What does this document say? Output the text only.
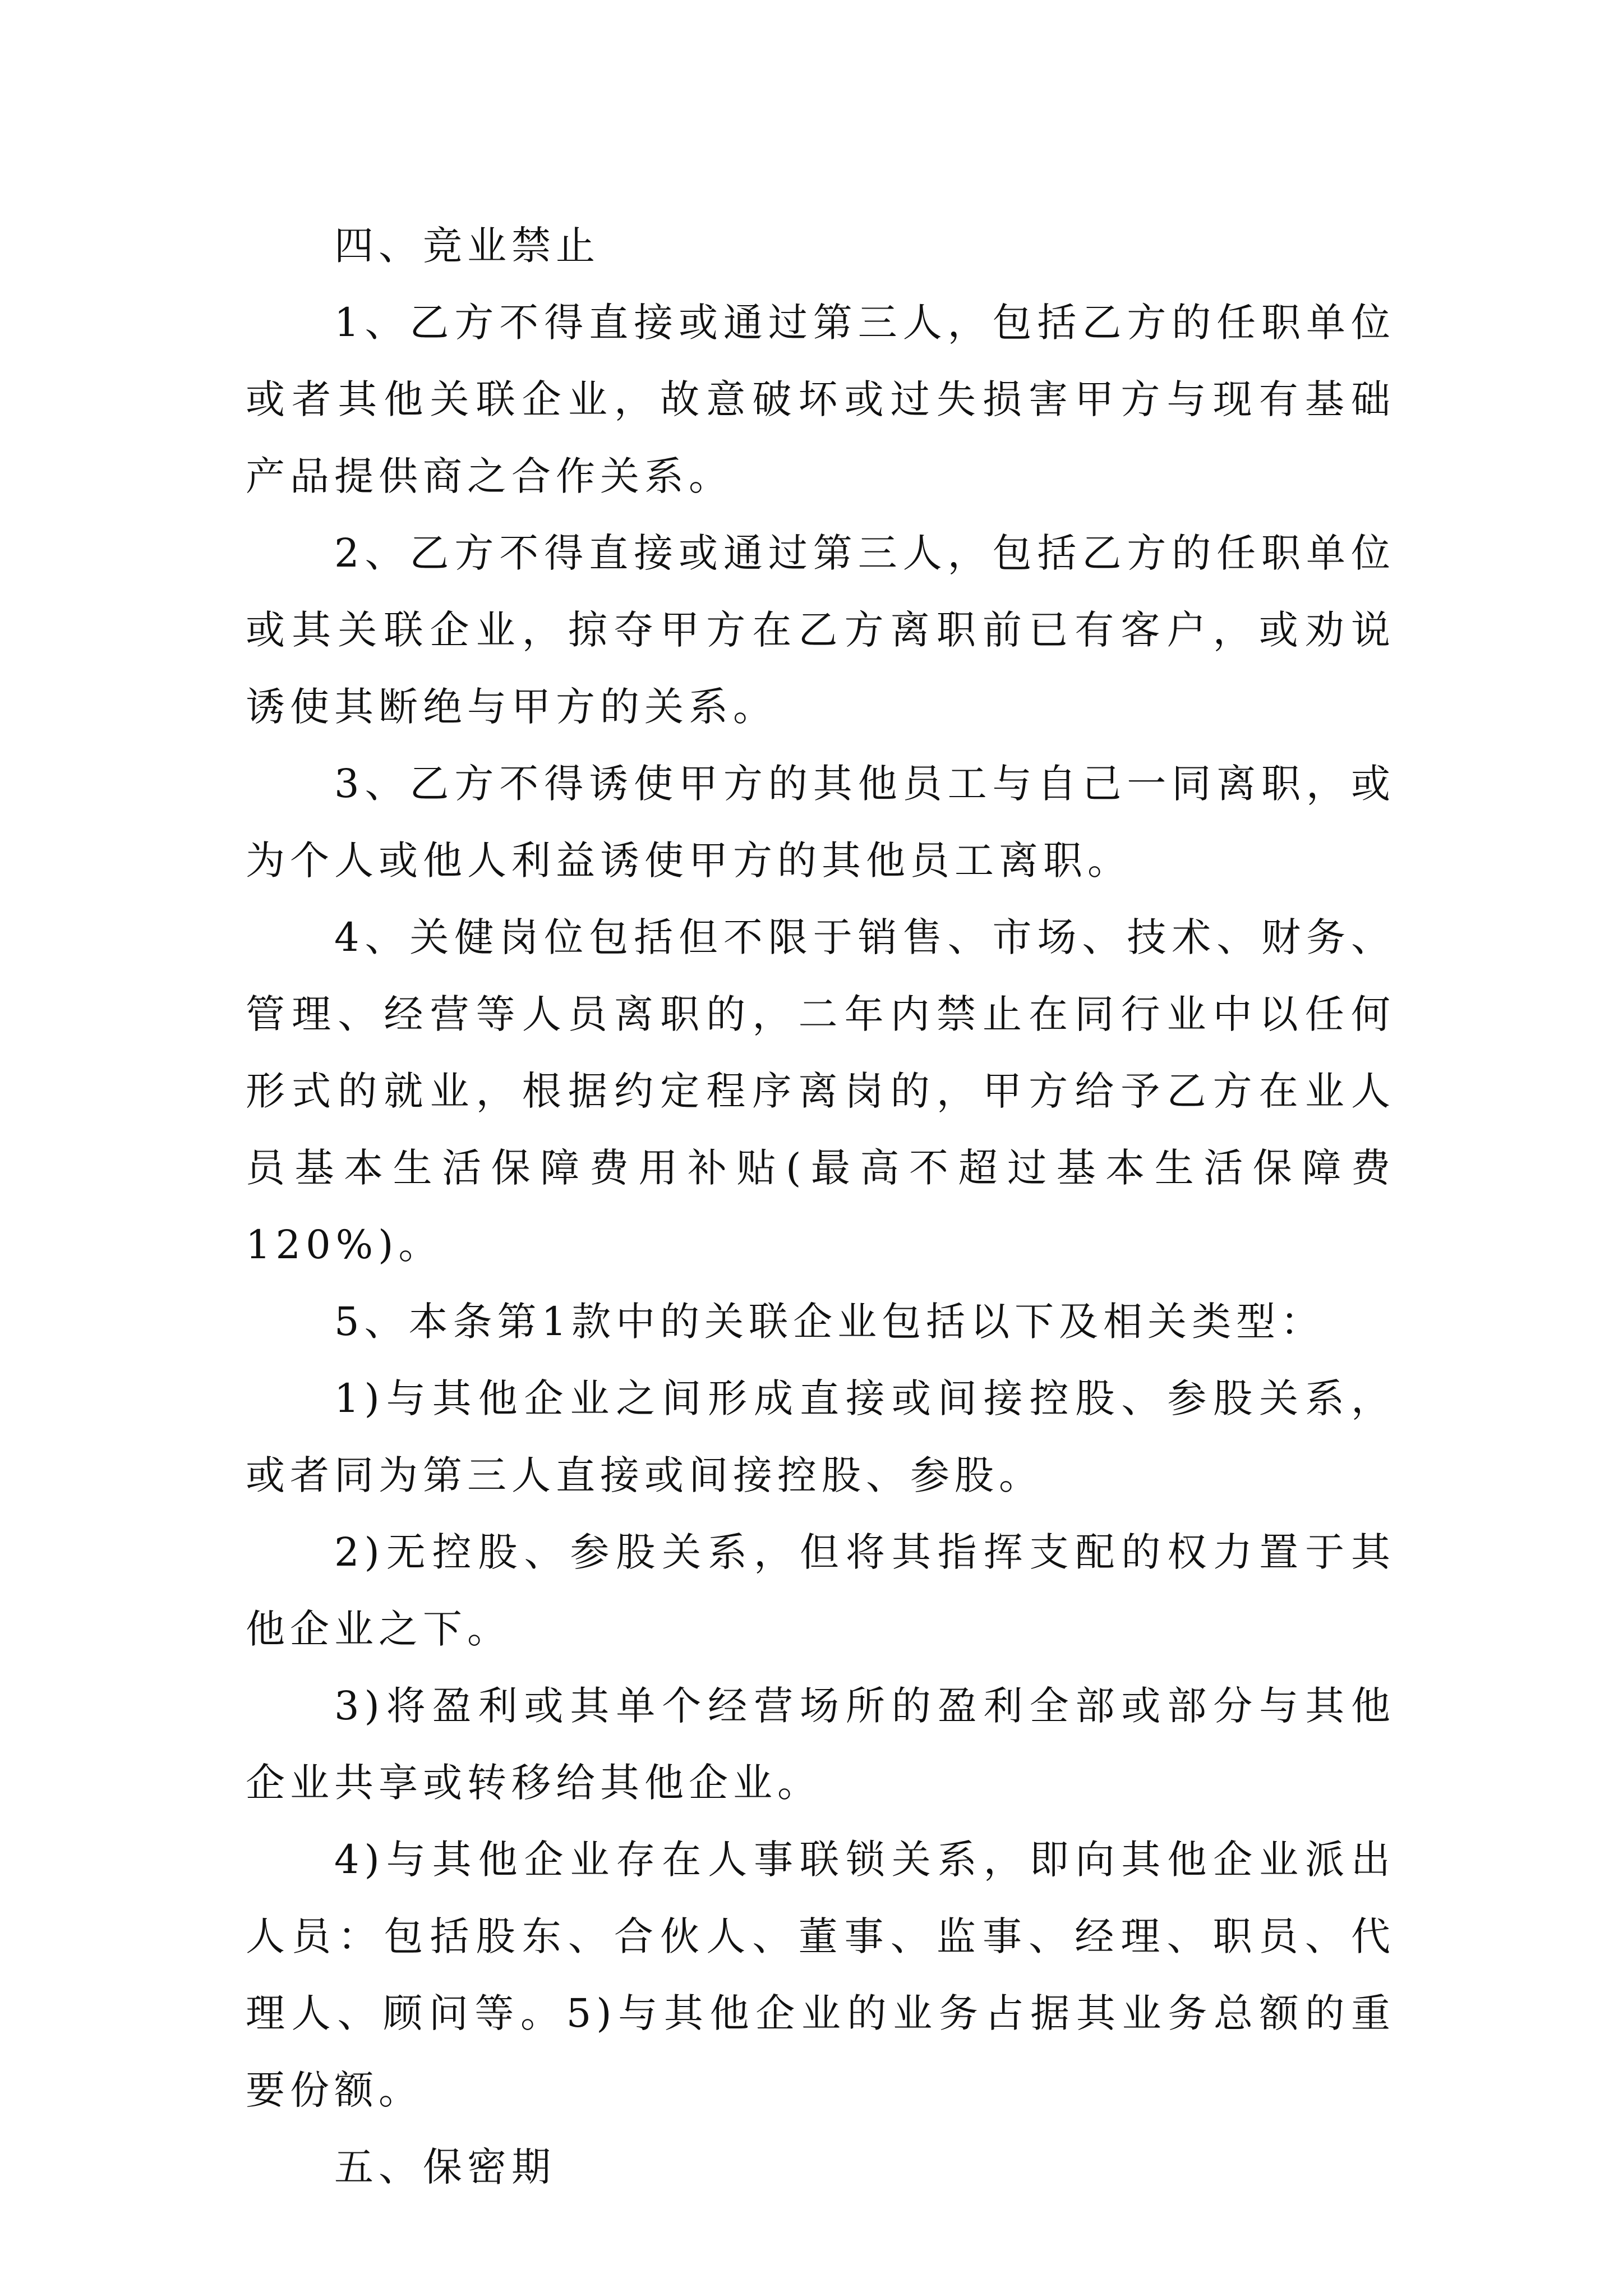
四、竞业禁止

1、乙方不得直接或通过第三人，包括乙方的任职单位或者其他关联企业，故意破坏或过失损害甲方与现有基础产品提供商之合作关系。

2、乙方不得直接或通过第三人，包括乙方的任职单位或其关联企业，掠夺甲方在乙方离职前已有客户，或劝说诱使其断绝与甲方的关系。

3、乙方不得诱使甲方的其他员工与自己一同离职，或为个人或他人利益诱使甲方的其他员工离职。

4、关健岗位包括但不限于销售、市场、技术、财务、管理、经营等人员离职的，二年内禁止在同行业中以任何形式的就业，根据约定程序离岗的，甲方给予乙方在业人员基本生活保障费用补贴(最高不超过基本生活保障费120%)。

5、本条第1款中的关联企业包括以下及相关类型：

1)与其他企业之间形成直接或间接控股、参股关系，或者同为第三人直接或间接控股、参股。

2)无控股、参股关系，但将其指挥支配的权力置于其他企业之下。

3)将盈利或其单个经营场所的盈利全部或部分与其他企业共享或转移给其他企业。

4)与其他企业存在人事联锁关系，即向其他企业派出人员：包括股东、合伙人、董事、监事、经理、职员、代理人、顾问等。5)与其他企业的业务占据其业务总额的重要份额。

五、保密期
